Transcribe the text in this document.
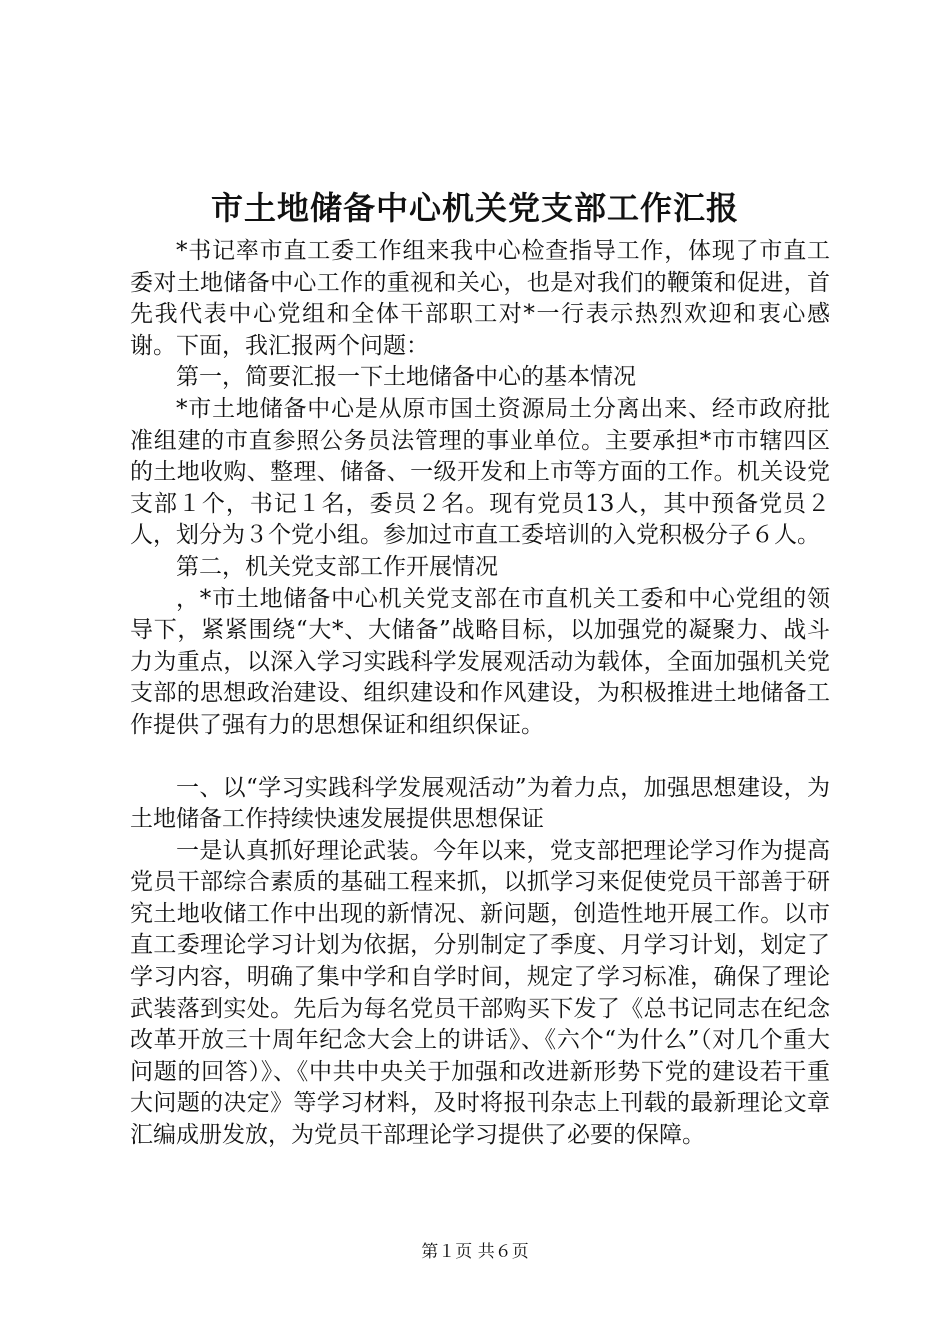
市土地储备中心机关党支部工作汇报

*书记率市直工委工作组来我中心检查指导工作，体现了市直工委对土地储备中心工作的重视和关心，也是对我们的鞭策和促进，首先我代表中心党组和全体干部职工对*一行表示热烈欢迎和衷心感谢。下面，我汇报两个问题：

第一，简要汇报一下土地储备中心的基本情况

*市土地储备中心是从原市国土资源局土分离出来、经市政府批准组建的市直参照公务员法管理的事业单位。主要承担*市市辖四区的土地收购、整理、储备、一级开发和上市等方面的工作。机关设党支部１个，书记１名，委员２名。现有党员13人，其中预备党员２人，划分为３个党小组。参加过市直工委培训的入党积极分子６人。

第二，机关党支部工作开展情况

，*市土地储备中心机关党支部在市直机关工委和中心党组的领导下，紧紧围绕“大*、大储备”战略目标，以加强党的凝聚力、战斗力为重点，以深入学习实践科学发展观活动为载体，全面加强机关党支部的思想政治建设、组织建设和作风建设，为积极推进土地储备工作提供了强有力的思想保证和组织保证。

一、以“学习实践科学发展观活动”为着力点，加强思想建设，为土地储备工作持续快速发展提供思想保证

一是认真抓好理论武装。今年以来，党支部把理论学习作为提高党员干部综合素质的基础工程来抓，以抓学习来促使党员干部善于研究土地收储工作中出现的新情况、新问题，创造性地开展工作。以市直工委理论学习计划为依据，分别制定了季度、月学习计划，划定了学习内容，明确了集中学和自学时间，规定了学习标准，确保了理论武装落到实处。先后为每名党员干部购买下发了《总书记同志在纪念改革开放三十周年纪念大会上的讲话》、《六个“为什么”（对几个重大问题的回答）》、《中共中央关于加强和改进新形势下党的建设若干重大问题的决定》等学习材料，及时将报刊杂志上刊载的最新理论文章汇编成册发放，为党员干部理论学习提供了必要的保障。

第１页 共６页
